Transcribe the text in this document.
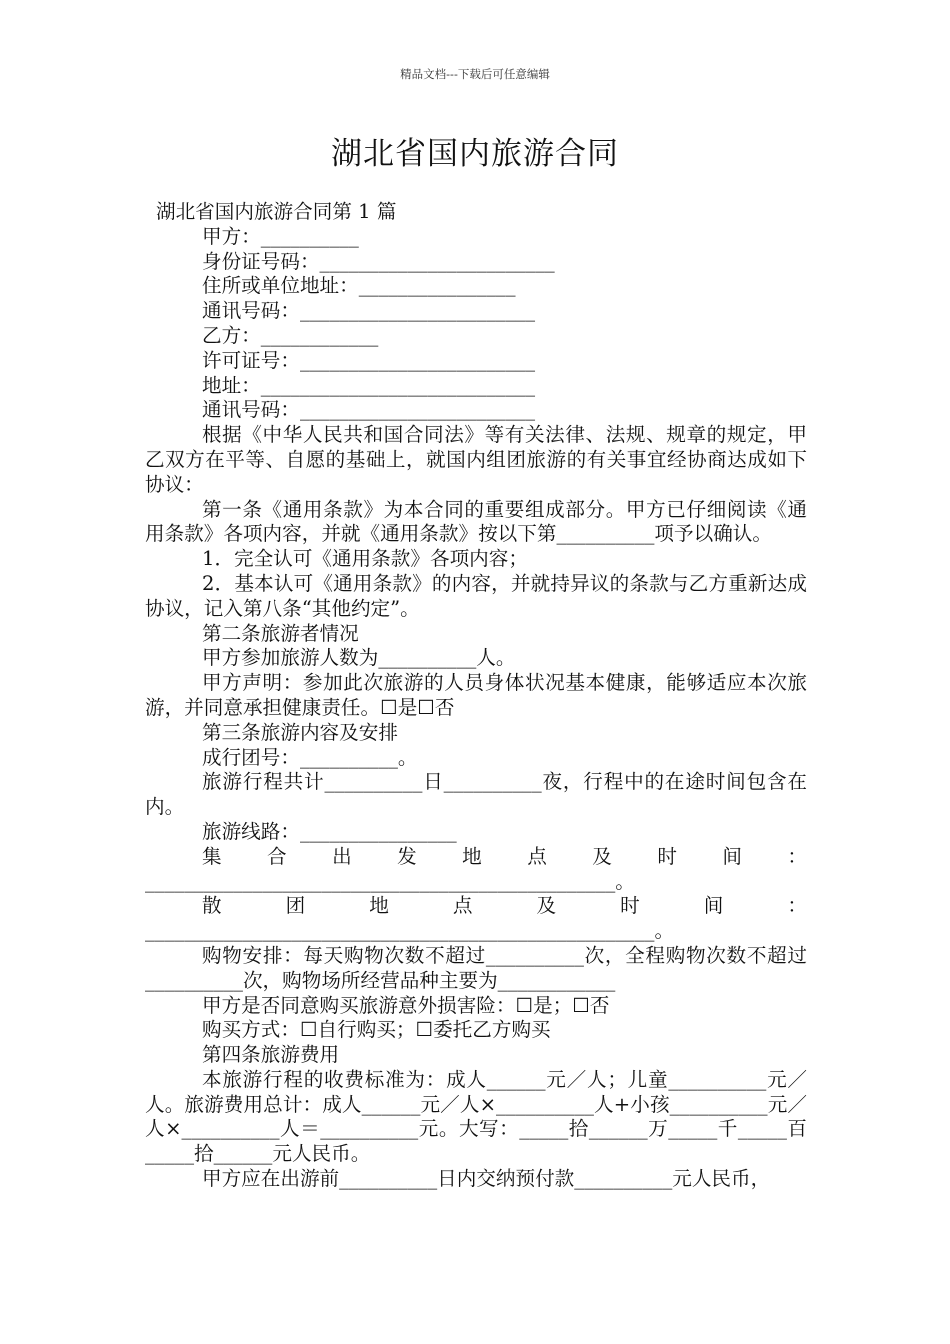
精品文档---下载后可任意编辑
湖北省国内旅游合同

湖北省国内旅游合同第 1 篇

甲方：__________

身份证号码：________________________

住所或单位地址：________________

通讯号码：________________________

乙方：____________

许可证号：________________________

地址：____________________________

通讯号码：________________________

根据《中华人民共和国合同法》等有关法律、法规、规章的规定，甲乙双方在平等、自愿的基础上，就国内组团旅游的有关事宜经协商达成如下协议：

第一条《通用条款》为本合同的重要组成部分。甲方已仔细阅读《通用条款》各项内容，并就《通用条款》按以下第__________项予以确认。

1．完全认可《通用条款》各项内容；

2．基本认可《通用条款》的内容，并就持异议的条款与乙方重新达成协议，记入第八条“其他约定”。

第二条旅游者情况

甲方参加旅游人数为__________人。

甲方声明：参加此次旅游的人员身体状况基本健康，能够适应本次旅游，并同意承担健康责任。☐是☐否

第三条旅游内容及安排

成行团号：__________。

旅游行程共计__________日__________夜，行程中的在途时间包含在内。

旅游线路：________________

集合出发地点及时间：________________________________________________。

散团地点及时间：____________________________________________________。

购物安排：每天购物次数不超过__________次，全程购物次数不超过__________次，购物场所经营品种主要为____________

甲方是否同意购买旅游意外损害险：☐是；☐否

购买方式：☐自行购买；☐委托乙方购买

第四条旅游费用

本旅游行程的收费标准为：成人______元／人；儿童__________元／人。旅游费用总计：成人______元／人×__________人+小孩__________元／人×__________人＝__________元。大写：_____拾______万_____千_____百_____拾______元人民币。

甲方应在出游前__________日内交纳预付款__________元人民币，
